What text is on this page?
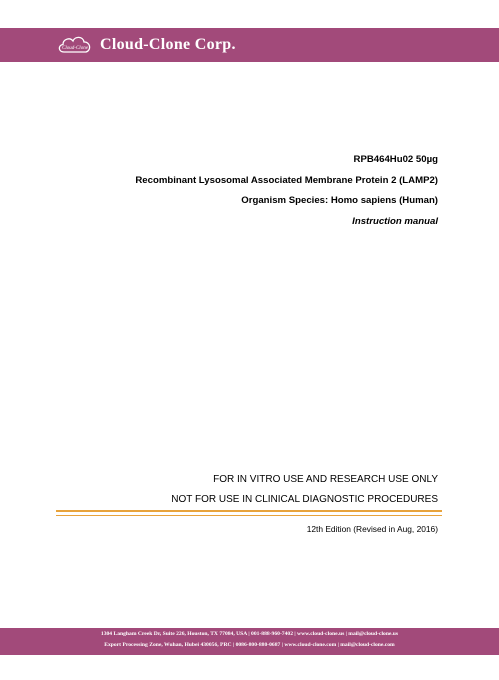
Cloud-Clone Cloud-Clone Corp.
RPB464Hu02 50µg
Recombinant Lysosomal Associated Membrane Protein 2 (LAMP2)
Organism Species: Homo sapiens (Human)
Instruction manual
FOR IN VITRO USE AND RESEARCH USE ONLY
NOT FOR USE IN CLINICAL DIAGNOSTIC PROCEDURES
12th Edition (Revised in Aug, 2016)
1304 Langham Creek Dr, Suite 226, Houston, TX 77084, USA | 001-888-960-7402 | www.cloud-clone.us | mail@cloud-clone.us
Export Processing Zone, Wuhan, Hubei 430056, PRC | 0086-800-880-0687 | www.cloud-clone.com | mail@cloud-clone.com
